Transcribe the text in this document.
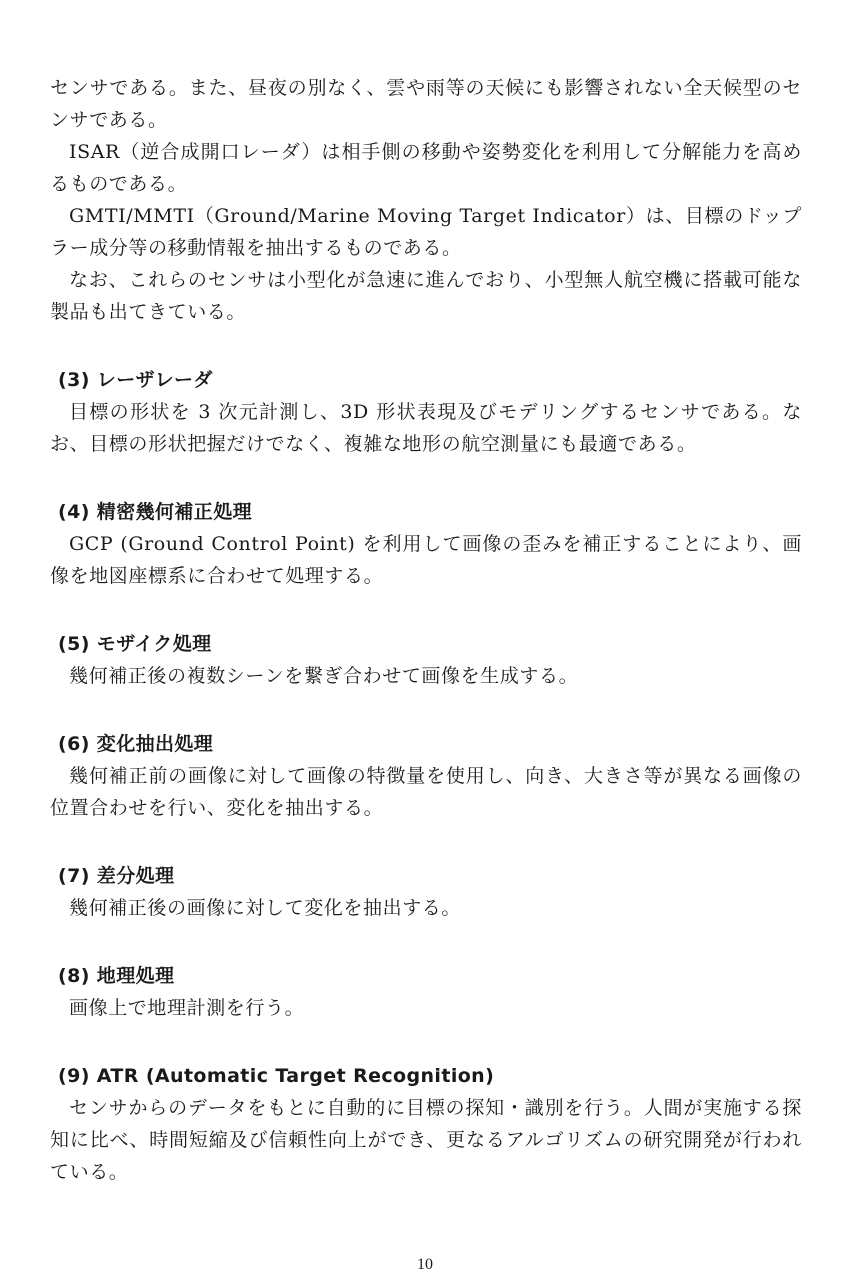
センサである。また、昼夜の別なく、雲や雨等の天候にも影響されない全天候型のセンサである。

ISAR（逆合成開口レーダ）は相手側の移動や姿勢変化を利用して分解能力を高めるものである。

GMTI/MMTI（Ground/Marine Moving Target Indicator）は、目標のドップラー成分等の移動情報を抽出するものである。

なお、これらのセンサは小型化が急速に進んでおり、小型無人航空機に搭載可能な製品も出てきている。

(3) レーザレーダ

目標の形状を 3 次元計測し、3D 形状表現及びモデリングするセンサである。なお、目標の形状把握だけでなく、複雑な地形の航空測量にも最適である。

(4) 精密幾何補正処理

GCP (Ground Control Point) を利用して画像の歪みを補正することにより、画像を地図座標系に合わせて処理する。

(5) モザイク処理

幾何補正後の複数シーンを繋ぎ合わせて画像を生成する。

(6) 変化抽出処理

幾何補正前の画像に対して画像の特徴量を使用し、向き、大きさ等が異なる画像の位置合わせを行い、変化を抽出する。

(7) 差分処理

幾何補正後の画像に対して変化を抽出する。

(8) 地理処理

画像上で地理計測を行う。

(9) ATR (Automatic Target Recognition)

センサからのデータをもとに自動的に目標の探知・識別を行う。人間が実施する探知に比べ、時間短縮及び信頼性向上ができ、更なるアルゴリズムの研究開発が行われている。

10
